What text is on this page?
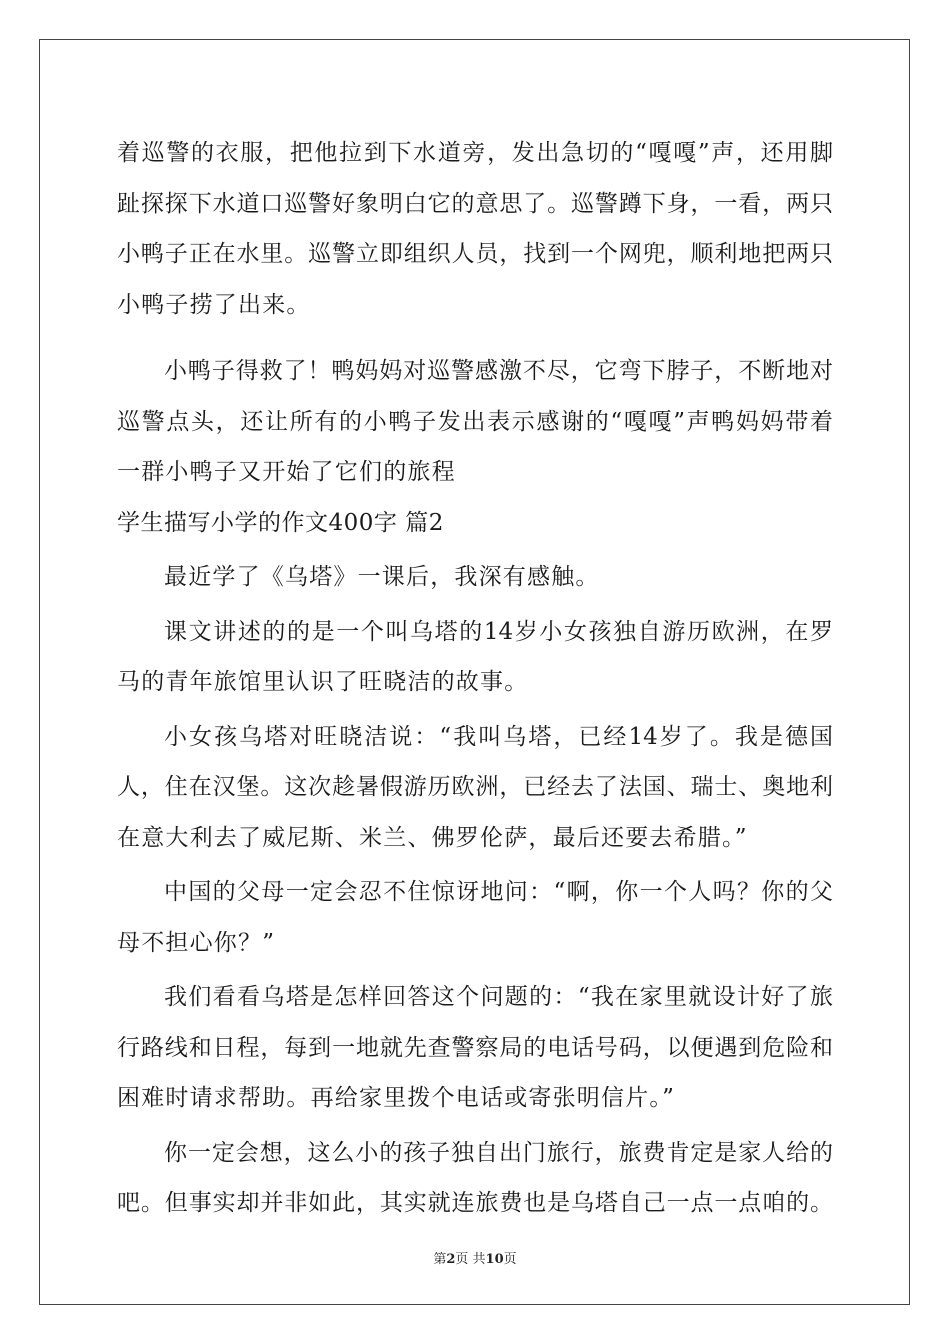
着巡警的衣服，把他拉到下水道旁，发出急切的“嘎嘎”声，还用脚
趾探探下水道口巡警好象明白它的意思了。巡警蹲下身，一看，两只
小鸭子正在水里。巡警立即组织人员，找到一个网兜，顺利地把两只
小鸭子捞了出来。
小鸭子得救了！鸭妈妈对巡警感激不尽，它弯下脖子，不断地对
巡警点头，还让所有的小鸭子发出表示感谢的“嘎嘎”声鸭妈妈带着
一群小鸭子又开始了它们的旅程
学生描写小学的作文400字 篇2
最近学了《乌塔》一课后，我深有感触。
课文讲述的的是一个叫乌塔的14岁小女孩独自游历欧洲，在罗
马的青年旅馆里认识了旺晓洁的故事。
小女孩乌塔对旺晓洁说：“我叫乌塔，已经14岁了。我是德国
人，住在汉堡。这次趁暑假游历欧洲，已经去了法国、瑞士、奥地利
在意大利去了威尼斯、米兰、佛罗伦萨，最后还要去希腊。”
中国的父母一定会忍不住惊讶地问：“啊，你一个人吗？你的父
母不担心你？”
我们看看乌塔是怎样回答这个问题的：“我在家里就设计好了旅
行路线和日程，每到一地就先查警察局的电话号码，以便遇到危险和
困难时请求帮助。再给家里拨个电话或寄张明信片。”
你一定会想，这么小的孩子独自出门旅行，旅费肯定是家人给的
吧。但事实却并非如此，其实就连旅费也是乌塔自己一点一点咱的。
第2页 共10页
